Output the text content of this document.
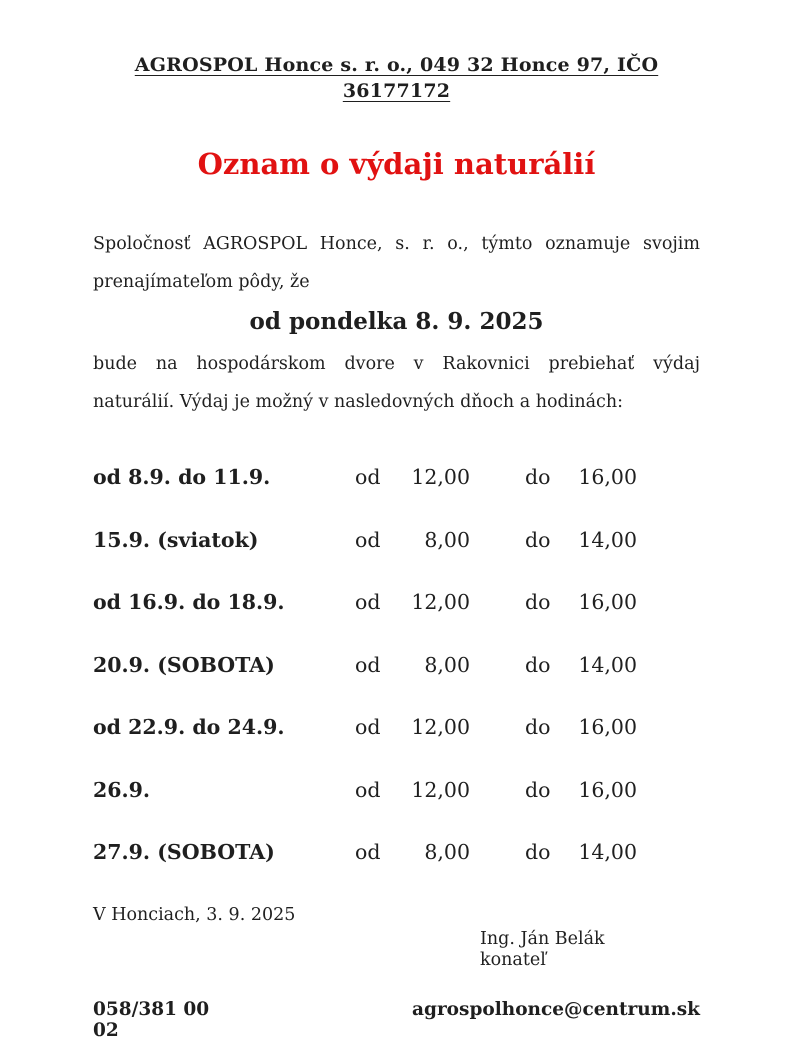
AGROSPOL Honce s. r. o., 049 32 Honce 97, IČO 36177172
Oznam o výdaji naturálií
Spoločnosť AGROSPOL Honce, s. r. o., týmto oznamuje svojim
prenajímateľom pôdy, že
od pondelka 8. 9. 2025
bude na hospodárskom dvore v Rakovnici prebiehať výdaj
naturálií. Výdaj je možný v nasledovných dňoch a hodinách:
od 8.9. do 11.9.	od	12,00	do	16,00
15.9. (sviatok)	od	8,00	do	14,00
od 16.9. do 18.9.	od	12,00	do	16,00
20.9. (SOBOTA)	od	8,00	do	14,00
od 22.9. do 24.9.	od	12,00	do	16,00
26.9.	od	12,00	do	16,00
27.9. (SOBOTA)	od	8,00	do	14,00
V Honciach, 3. 9. 2025
Ing. Ján Belák
konateľ
058/381 00 02
agrospolhonce@centrum.sk
